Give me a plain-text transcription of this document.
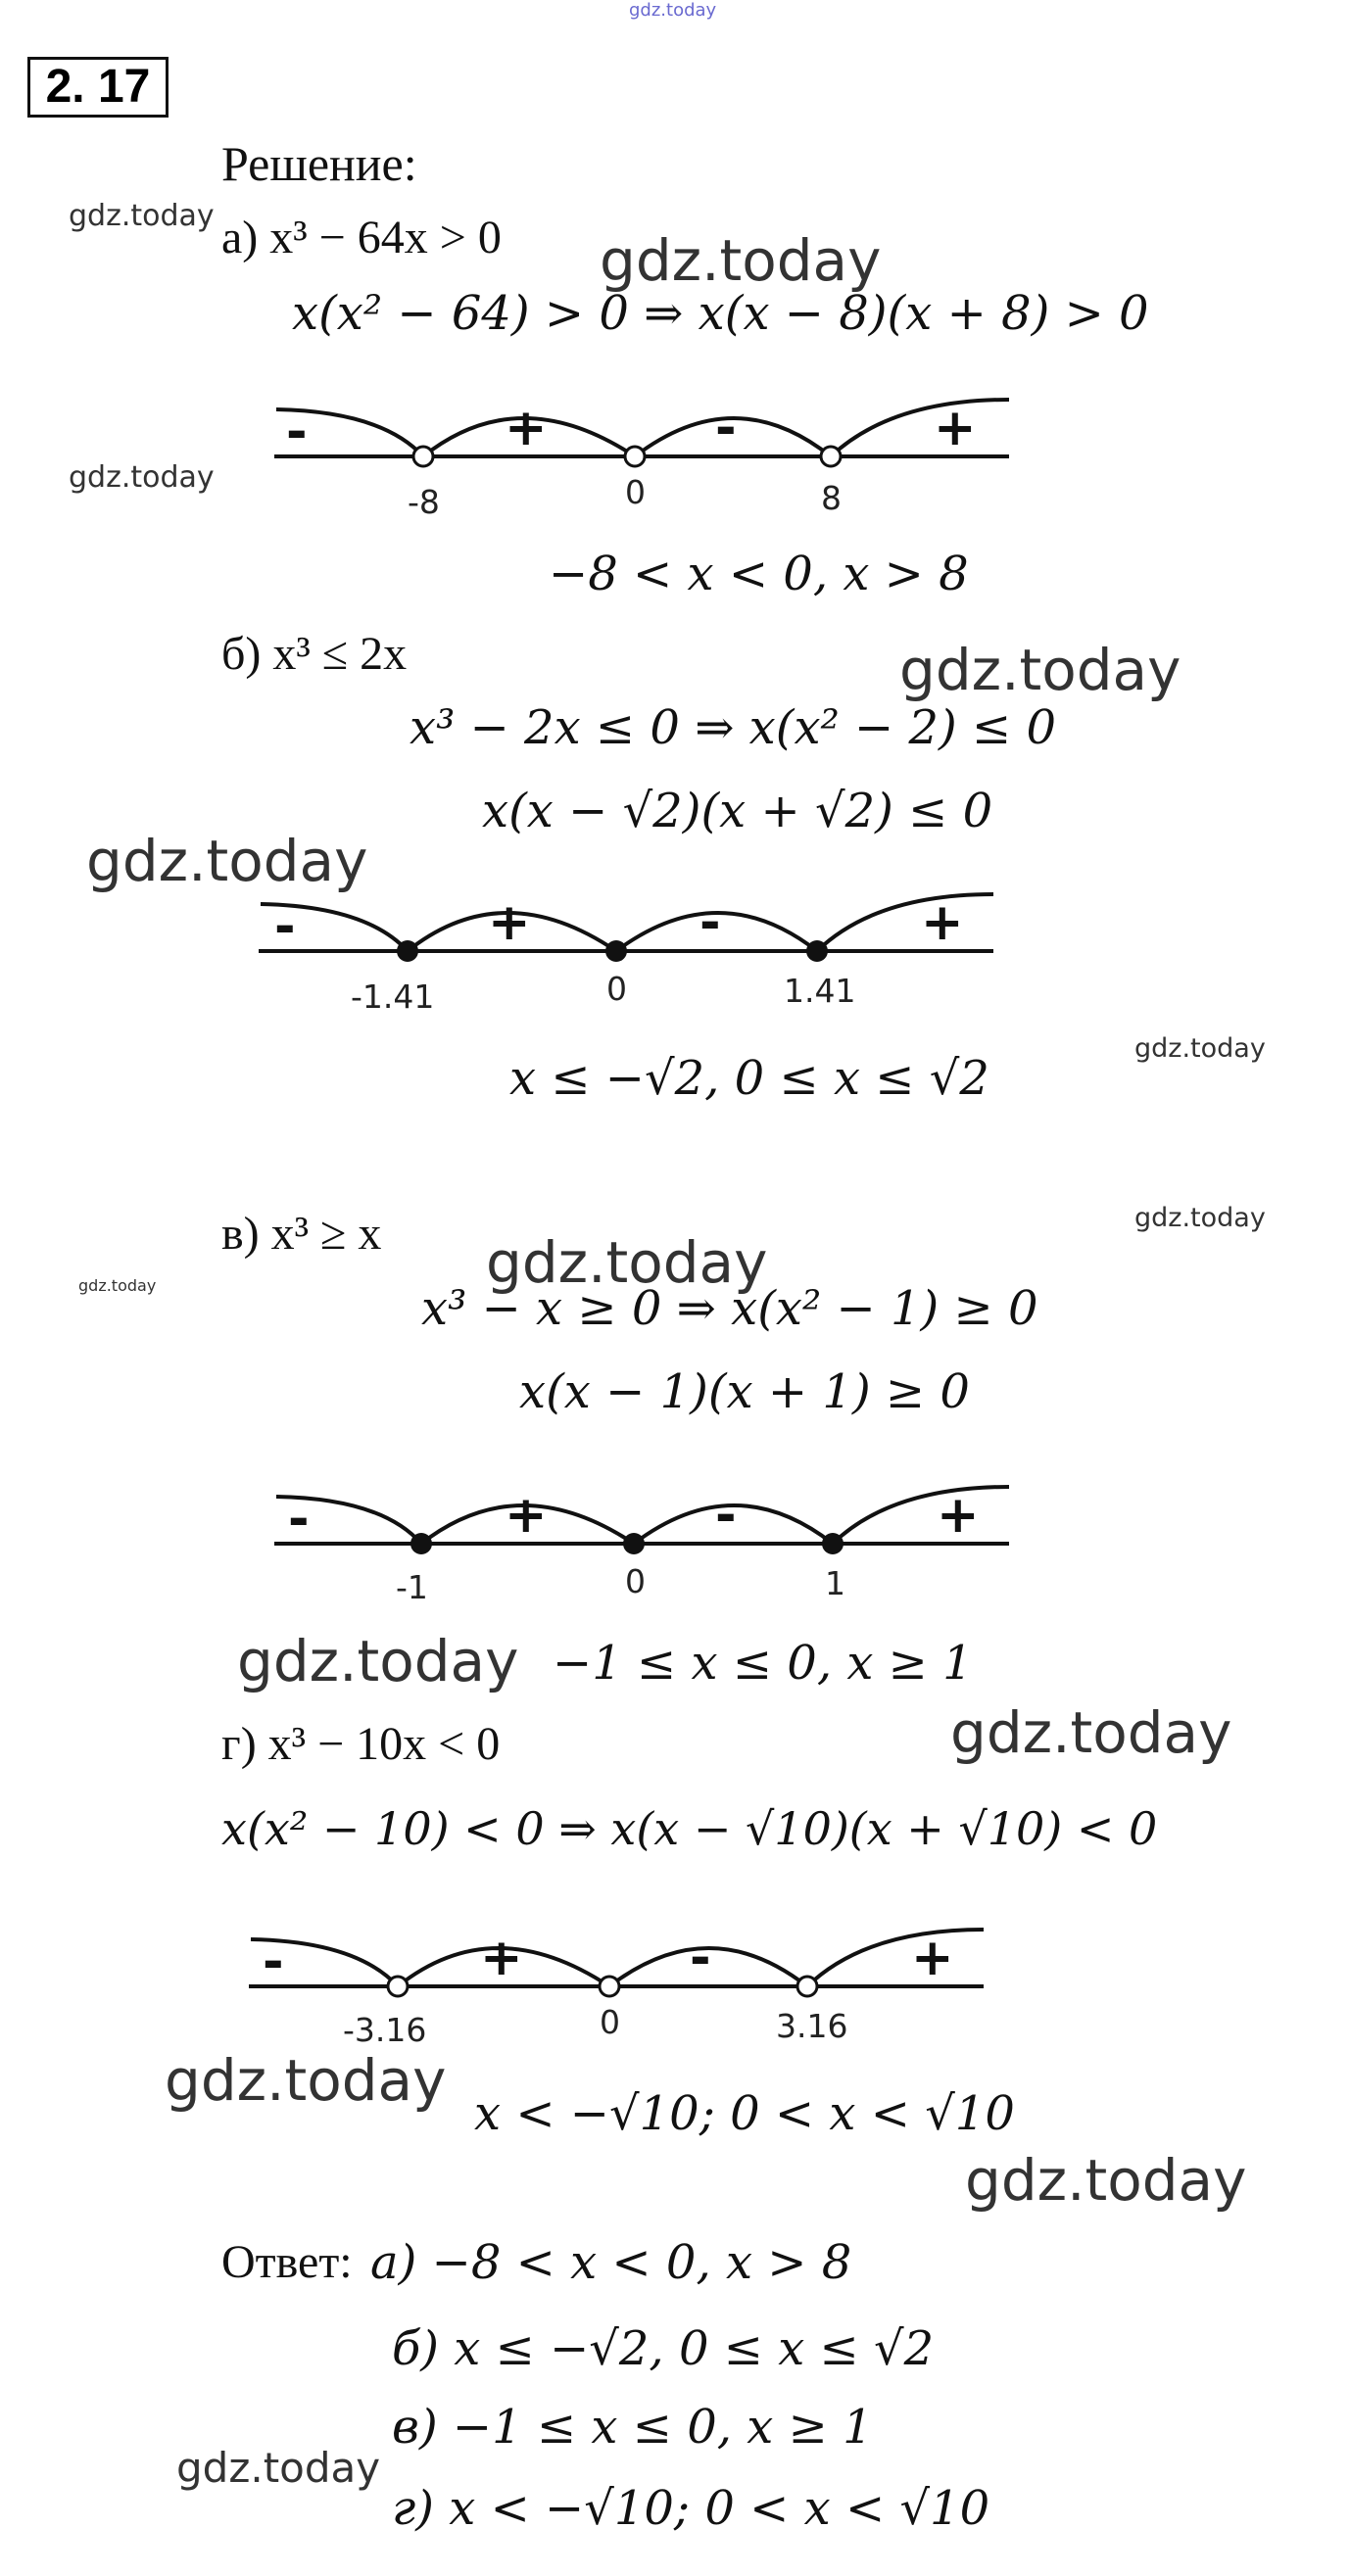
gdz.today
2. 17
Решение:
а) x³ − 64x > 0
x(x² − 64) > 0 ⇒ x(x − 8)(x + 8) > 0
-	+	-	+
-8	0	8
−8 < x < 0, x > 8
б) x³ ≤ 2x
x³ − 2x ≤ 0 ⇒ x(x² − 2) ≤ 0
x(x − √2)(x + √2) ≤ 0
-	+	-	+
-1.41	0	1.41
x ≤ −√2, 0 ≤ x ≤ √2
в) x³ ≥ x
x³ − x ≥ 0 ⇒ x(x² − 1) ≥ 0
x(x − 1)(x + 1) ≥ 0
-	+	-	+
-1	0	1
−1 ≤ x ≤ 0, x ≥ 1
г) x³ − 10x < 0
x(x² − 10) < 0 ⇒ x(x − √10)(x + √10) < 0
-	+	-	+
-3.16	0	3.16
x < −√10; 0 < x < √10
Ответ: а) −8 < x < 0, x > 8
б) x ≤ −√2, 0 ≤ x ≤ √2
в) −1 ≤ x ≤ 0, x ≥ 1
г) x < −√10; 0 < x < √10
gdz.today
gdz.today
gdz.today
gdz.today
gdz.today
gdz.today
gdz.today
gdz.today	gdz.today
gdz.today
gdz.today
gdz.today
gdz.today
gdz.today
